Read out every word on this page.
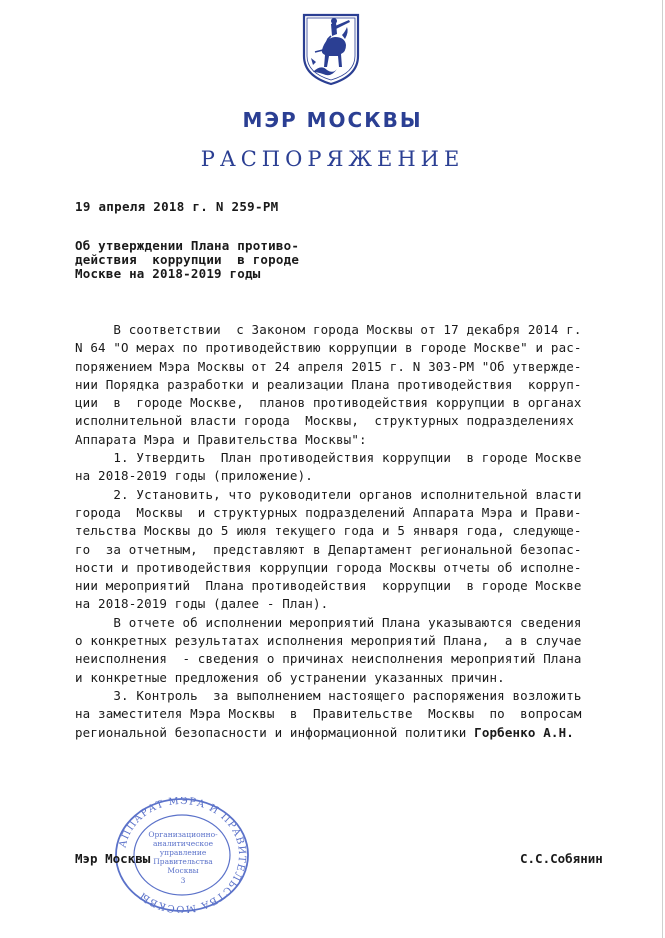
МЭР МОСКВЫ
РАСПОРЯЖЕНИЕ
19 апреля 2018 г. N 259-РМ
Об утверждении Плана противо-
действия  коррупции  в городе
Москве на 2018-2019 годы
В соответствии  с Законом города Москвы от 17 декабря 2014 г.
N 64 "О мерах по противодействию коррупции в городе Москве" и рас-
поряжением Мэра Москвы от 24 апреля 2015 г. N 303-РМ "Об утвержде-
нии Порядка разработки и реализации Плана противодействия  корруп-
ции  в  городе Москве,  планов противодействия коррупции в органах
исполнительной власти города  Москвы,  структурных подразделениях
Аппарата Мэра и Правительства Москвы":
1. Утвердить  План противодействия коррупции  в городе Москве
на 2018-2019 годы (приложение).
2. Установить, что руководители органов исполнительной власти
города  Москвы  и структурных подразделений Аппарата Мэра и Прави-
тельства Москвы до 5 июля текущего года и 5 января года, следующе-
го  за отчетным,  представляют в Департамент региональной безопас-
ности и противодействия коррупции города Москвы отчеты об исполне-
нии мероприятий  Плана противодействия  коррупции  в городе Москве
на 2018-2019 годы (далее - План).
В отчете об исполнении мероприятий Плана указываются сведения
о конкретных результатах исполнения мероприятий Плана,  а в случае
неисполнения  - сведения о причинах неисполнения мероприятий Плана
и конкретные предложения об устранении указанных причин.
3. Контроль  за выполнением настоящего распоряжения возложить
на заместителя Мэра Москвы  в  Правительстве  Москвы  по  вопросам
региональной безопасности и информационной политики Горбенко А.Н.
АППАРАТ МЭРА И ПРАВИТЕЛЬСТВА МОСКВЫ
Организационно-
аналитическое
управление
Правительства
Москвы
3
Мэр Москвы	С.С.Собянин
